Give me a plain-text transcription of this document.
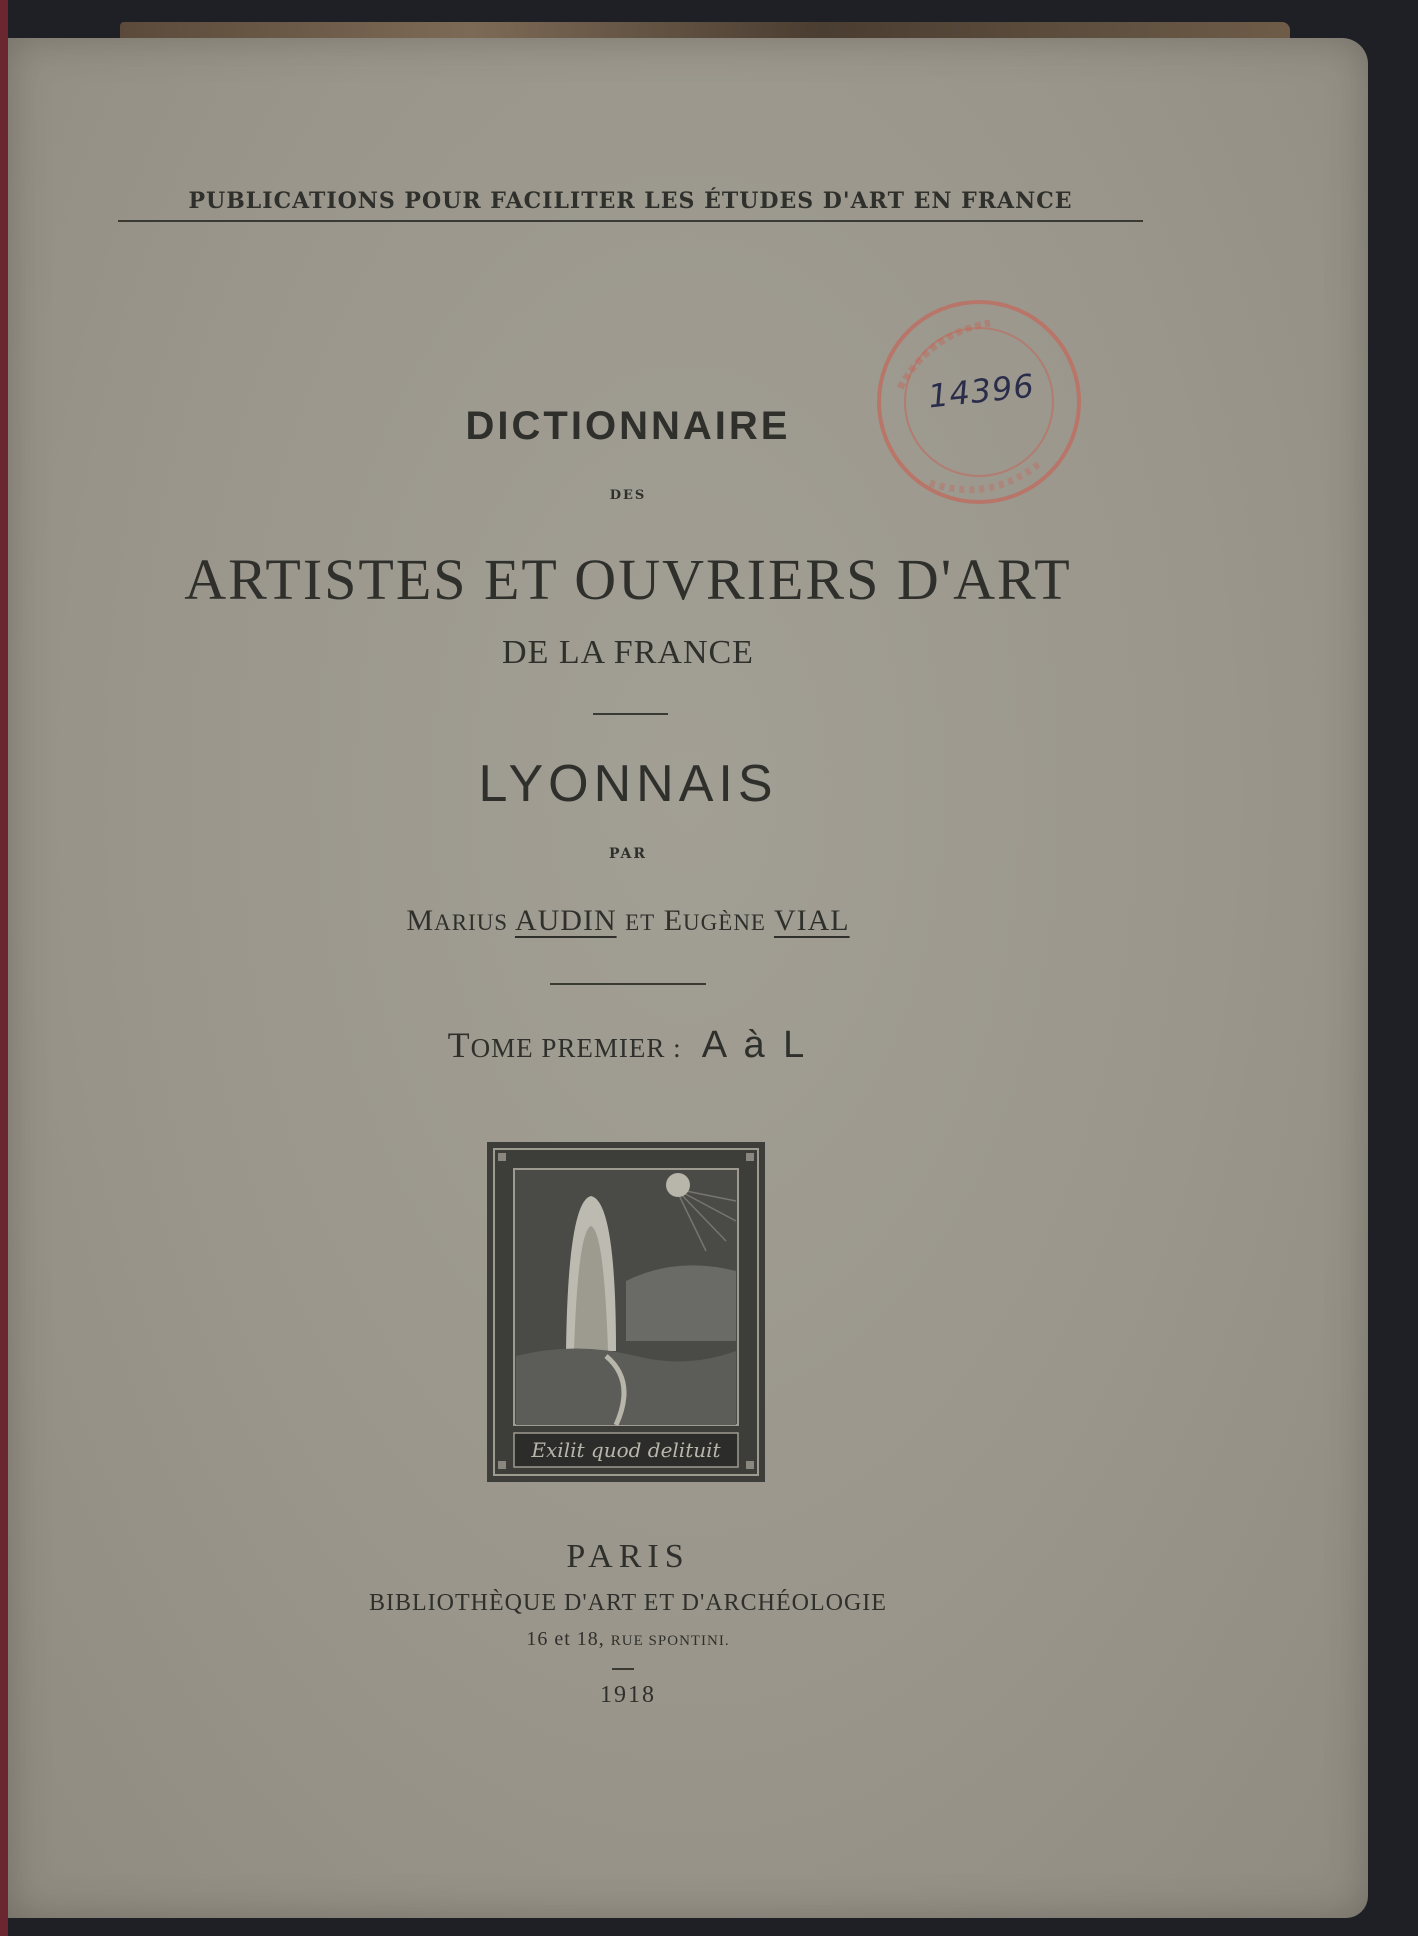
PUBLICATIONS POUR FACILITER LES ÉTUDES D'ART EN FRANCE
14396
DICTIONNAIRE
DES
ARTISTES ET OUVRIERS D'ART
DE LA FRANCE
LYONNAIS
PAR
MARIUS AUDIN ET EUGÈNE VIAL
TOME PREMIER : A à L
Exilit quod delituit
PARIS
BIBLIOTHÈQUE D'ART ET D'ARCHÉOLOGIE
16 et 18, RUE SPONTINI.
1918
